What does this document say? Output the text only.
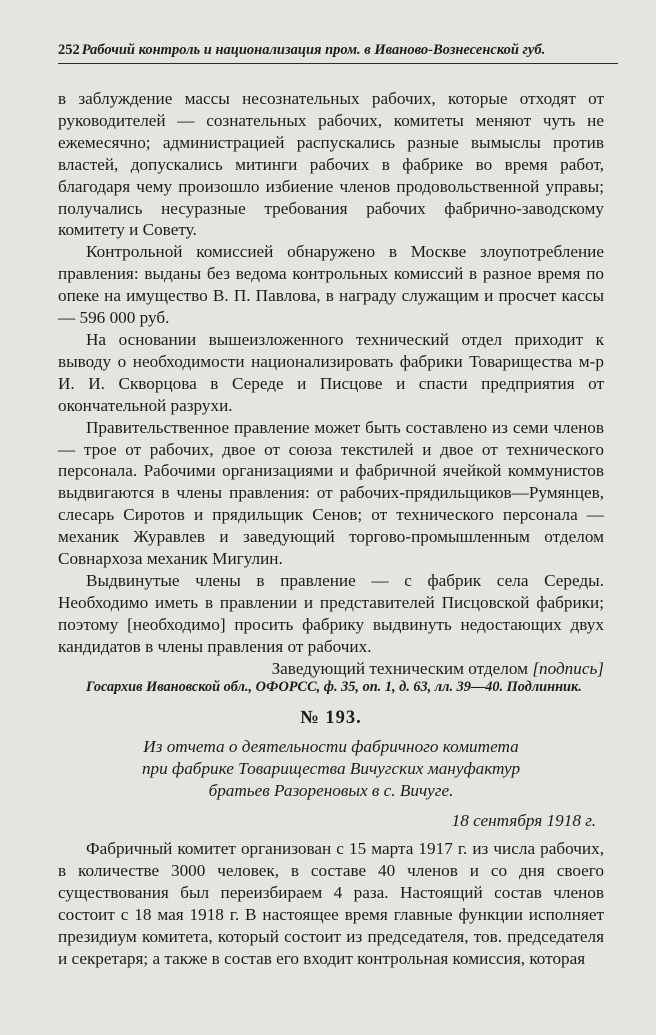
252 Рабочий контроль и национализация пром. в Иваново-Вознесенской губ.

в заблуждение массы несознательных рабочих, которые отходят от руководителей — сознательных рабочих, комитеты меняют чуть не ежемесячно; администрацией распускались разные вымыслы против властей, допускались митинги рабочих в фабрике во время работ, благодаря чему произошло избиение членов продовольственной управы; получались несуразные требования рабочих фабрично-заводскому комитету и Совету.

Контрольной комиссией обнаружено в Москве злоупотребление правления: выданы без ведома контрольных комиссий в разное время по опеке на имущество В. П. Павлова, в награду служащим и просчет кассы — 596 000 руб.

На основании вышеизложенного технический отдел приходит к выводу о необходимости национализировать фабрики Товарищества м-р И. И. Скворцова в Середе и Писцове и спасти предприятия от окончательной разрухи.

Правительственное правление может быть составлено из семи членов — трое от рабочих, двое от союза текстилей и двое от технического персонала. Рабочими организациями и фабричной ячейкой коммунистов выдвигаются в члены правления: от рабочих-прядильщиков—Румянцев, слесарь Сиротов и прядильщик Сенов; от технического персонала — механик Журавлев и заведующий торгово-промышленным отделом Совнархоза механик Мигулин.

Выдвинутые члены в правление — с фабрик села Середы. Необходимо иметь в правлении и представителей Писцовской фабрики; поэтому [необходимо] просить фабрику выдвинуть недостающих двух кандидатов в члены правления от рабочих.

Заведующий техническим отделом [подпись]

Госархив Ивановской обл., ОФОРСС, ф. 35, оп. 1, д. 63, лл. 39—40. Подлинник.

№ 193.
Из отчета о деятельности фабричного комитета
при фабрике Товарищества Вичугских мануфактур
братьев Разореновых в с. Вичуге.
18 сентября 1918 г.

Фабричный комитет организован с 15 марта 1917 г. из числа рабочих, в количестве 3000 человек, в составе 40 членов и со дня своего существования был переизбираем 4 раза. Настоящий состав членов состоит с 18 мая 1918 г. В настоящее время главные функции исполняет президиум комитета, который состоит из председателя, тов. председателя и секретаря; а также в состав его входит контрольная комиссия, которая
